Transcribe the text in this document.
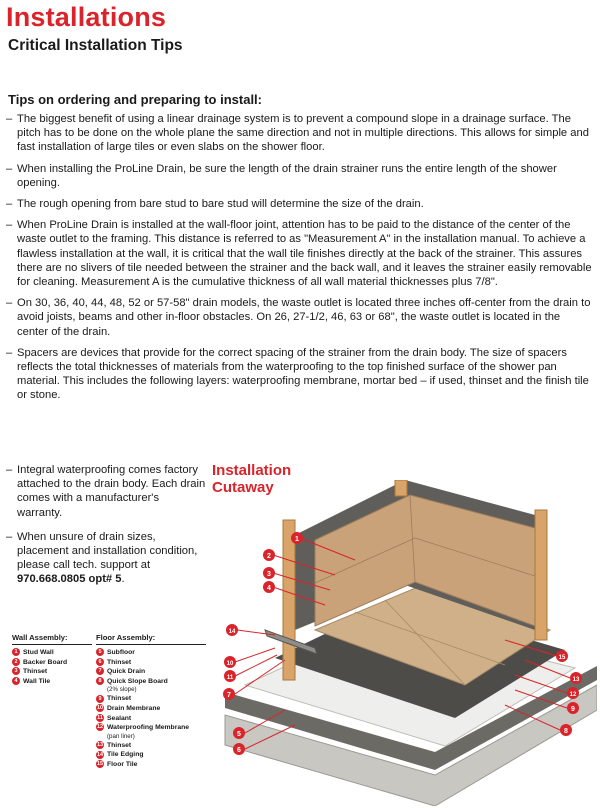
Installations
Critical Installation Tips
Tips on ordering and preparing to install:
– The biggest benefit of using a linear drainage system is to prevent a compound slope in a drainage surface. The pitch has to be done on the whole plane the same direction and not in multiple directions. This allows for simple and fast installation of large tiles or even slabs on the shower floor.
– When installing the ProLine Drain, be sure the length of the drain strainer runs the entire length of the shower opening.
– The rough opening from bare stud to bare stud will determine the size of the drain.
– When ProLine Drain is installed at the wall-floor joint, attention has to be paid to the distance of the center of the waste outlet to the framing. This distance is referred to as "Measurement A" in the installation manual. To achieve a flawless installation at the wall, it is critical that the wall tile finishes directly at the back of the strainer. This assures there are no slivers of tile needed between the strainer and the back wall, and it leaves the strainer easily removable for cleaning. Measurement A is the cumulative thickness of all wall material thicknesses plus 7/8".
– On 30, 36, 40, 44, 48, 52 or 57-58" drain models, the waste outlet is located three inches off-center from the drain to avoid joists, beams and other in-floor obstacles. On 26, 27-1/2, 46, 63 or 68", the waste outlet is located in the center of the drain.
– Spacers are devices that provide for the correct spacing of the strainer from the drain body. The size of spacers reflects the total thicknesses of materials from the waterproofing to the top finished surface of the shower pan material. This includes the following layers: waterproofing membrane, mortar bed – if used, thinset and the finish tile or stone.
– Integral waterproofing comes factory attached to the drain body. Each drain comes with a manufacturer's warranty.
– When unsure of drain sizes, placement and installation condition, please call tech. support at 970.668.0805 opt# 5.
Installation
Cutaway
Wall Assembly:
1 Stud Wall
2 Backer Board
3 Thinset
4 Wall Tile
Floor Assembly:
5 Subfloor
6 Thinset
7 Quick Drain
8 Quick Slope Board
(2% slope)
9 Thinset
10 Drain Membrane
11 Sealant
12 Waterproofing Membrane
(pan liner)
13 Thinset
14 Tile Edging
15 Floor Tile
1
2
3
4
5
6
7
8
9
10
11
12
13
14
15
